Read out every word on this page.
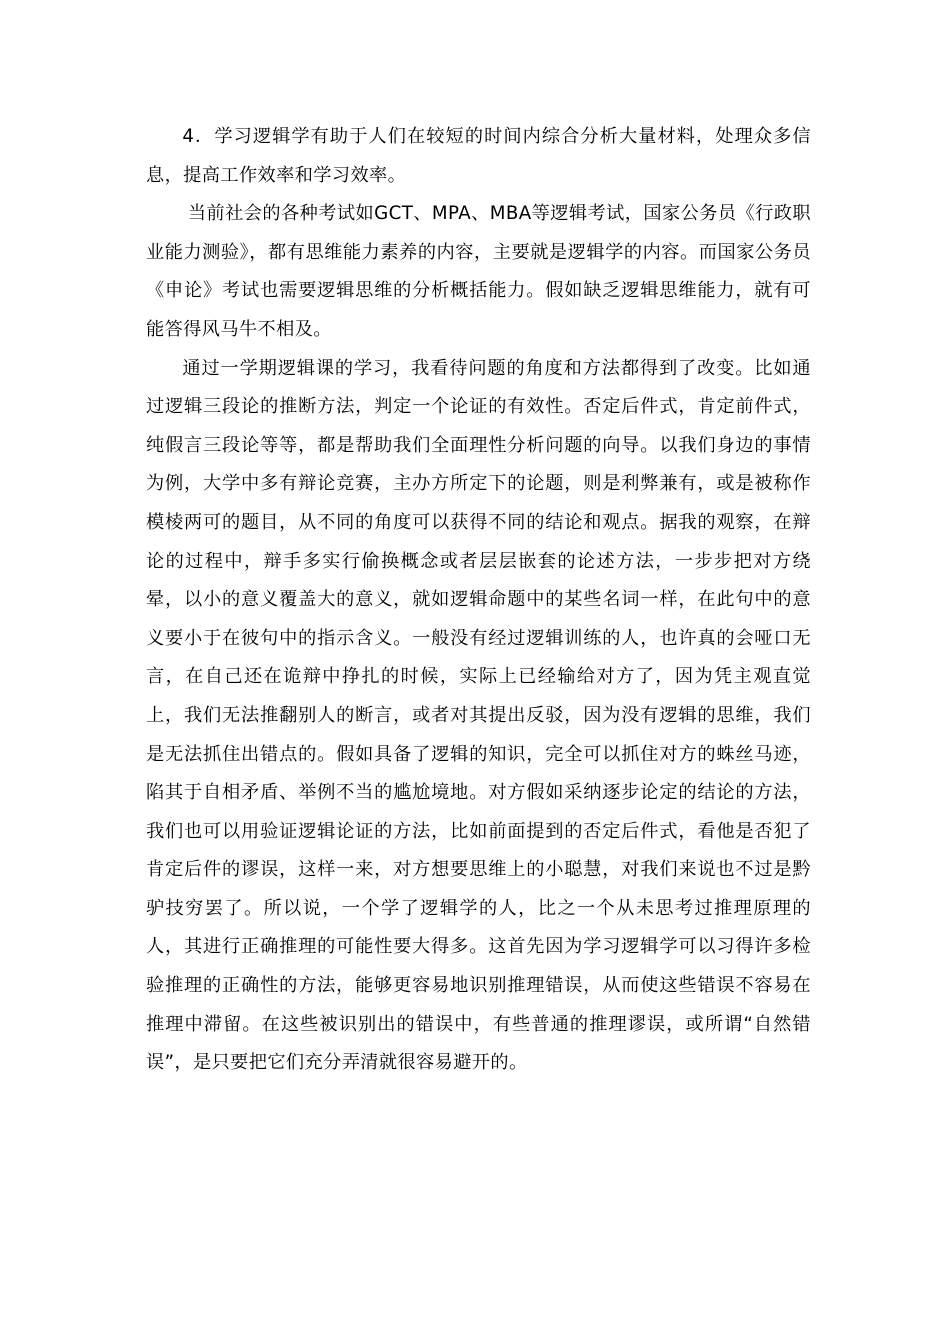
4．学习逻辑学有助于人们在较短的时间内综合分析大量材料，处理众多信息，提高工作效率和学习效率。

当前社会的各种考试如GCT、MPA、MBA等逻辑考试，国家公务员《行政职业能力测验》，都有思维能力素养的内容，主要就是逻辑学的内容。而国家公务员《申论》考试也需要逻辑思维的分析概括能力。假如缺乏逻辑思维能力，就有可能答得风马牛不相及。

通过一学期逻辑课的学习，我看待问题的角度和方法都得到了改变。比如通过逻辑三段论的推断方法，判定一个论证的有效性。否定后件式，肯定前件式，纯假言三段论等等，都是帮助我们全面理性分析问题的向导。以我们身边的事情为例，大学中多有辩论竞赛，主办方所定下的论题，则是利弊兼有，或是被称作模棱两可的题目，从不同的角度可以获得不同的结论和观点。据我的观察，在辩论的过程中，辩手多实行偷换概念或者层层嵌套的论述方法，一步步把对方绕晕，以小的意义覆盖大的意义，就如逻辑命题中的某些名词一样，在此句中的意义要小于在彼句中的指示含义。一般没有经过逻辑训练的人，也许真的会哑口无言，在自己还在诡辩中挣扎的时候，实际上已经输给对方了，因为凭主观直觉上，我们无法推翻别人的断言，或者对其提出反驳，因为没有逻辑的思维，我们是无法抓住出错点的。假如具备了逻辑的知识，完全可以抓住对方的蛛丝马迹，陷其于自相矛盾、举例不当的尴尬境地。对方假如采纳逐步论定的结论的方法，我们也可以用验证逻辑论证的方法，比如前面提到的否定后件式，看他是否犯了肯定后件的谬误，这样一来，对方想要思维上的小聪慧，对我们来说也不过是黔驴技穷罢了。所以说，一个学了逻辑学的人，比之一个从未思考过推理原理的人，其进行正确推理的可能性要大得多。这首先因为学习逻辑学可以习得许多检验推理的正确性的方法，能够更容易地识别推理错误，从而使这些错误不容易在推理中滞留。在这些被识别出的错误中，有些普通的推理谬误，或所谓“自然错误”，是只要把它们充分弄清就很容易避开的。
